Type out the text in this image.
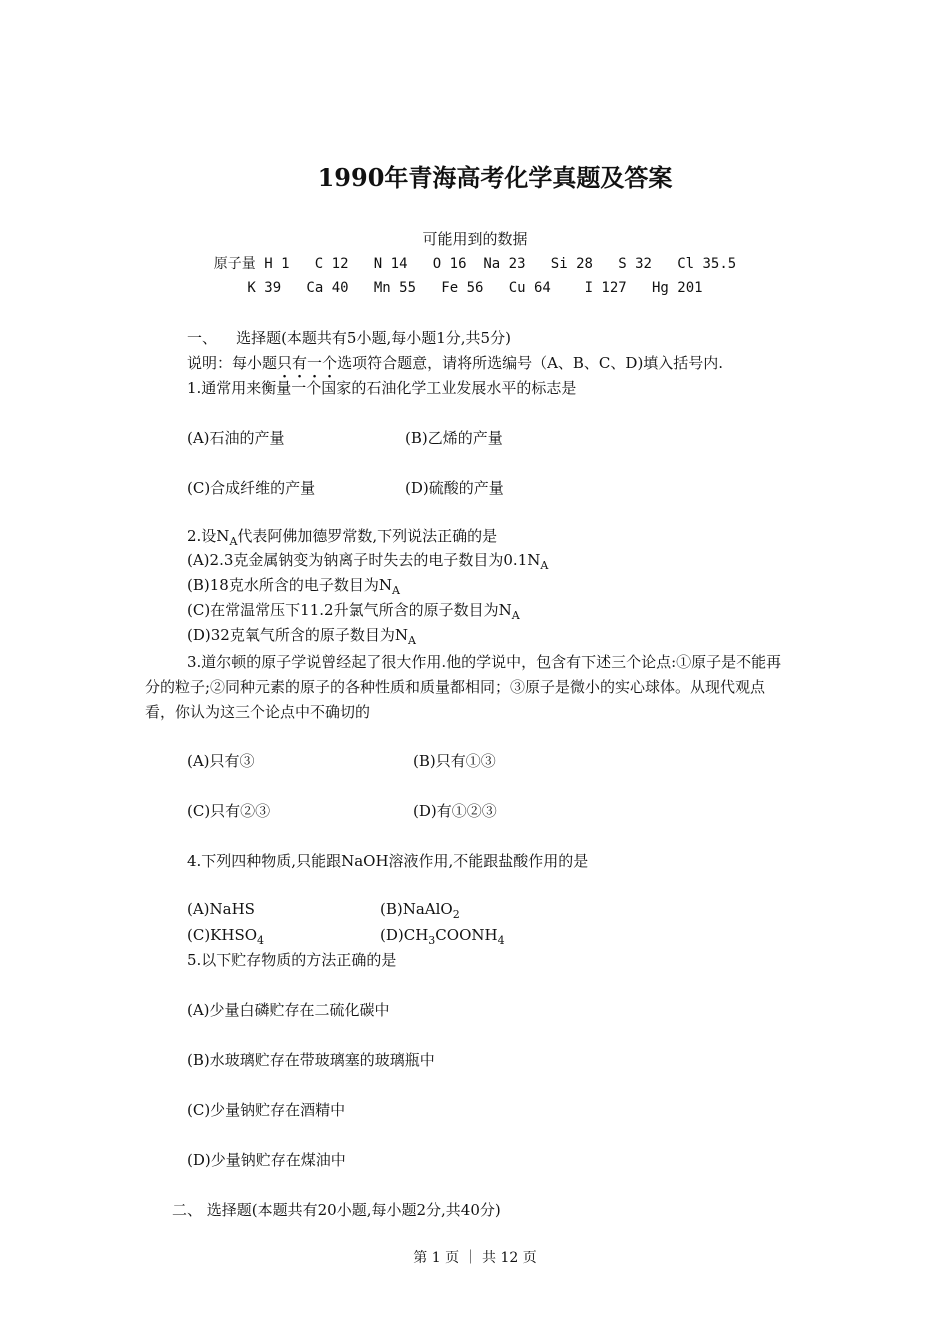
1990年青海高考化学真题及答案
可能用到的数据
原子量 H 1   C 12   N 14   O 16  Na 23   Si 28   S 32   Cl 35.5
K 39   Ca 40   Mn 55   Fe 56   Cu 64    I 127   Hg 201
一、    选择题(本题共有5小题,每小题1分,共5分)
说明：每小题只有一个选项符合题意，请将所选编号（A、B、C、D)填入括号内.
1.通常用来衡量一个国家的石油化学工业发展水平的标志是
(A)石油的产量	(B)乙烯的产量
(C)合成纤维的产量	(D)硫酸的产量
2.设$N_A$代表阿佛加德罗常数,下列说法正确的是
(A)2.3克金属钠变为钠离子时失去的电子数目为$0.1N_A$
(B)18克水所含的电子数目为$N_A$
(C)在常温常压下11.2升氯气所含的原子数目为$N_A$
(D)32克氧气所含的原子数目为$N_A$
3.道尔顿的原子学说曾经起了很大作用.他的学说中，包含有下述三个论点:①原子是不能再分的粒子;②同种元素的原子的各种性质和质量都相同；③原子是微小的实心球体。从现代观点看，你认为这三个论点中不确切的
(A)只有③	(B)只有①③
(C)只有②③	(D)有①②③
4.下列四种物质,只能跟NaOH溶液作用,不能跟盐酸作用的是
(A)NaHS	(B)NaAlO$_2$
$(C)KHSO_4$	$(D)CH_3COONH_4$
5.以下贮存物质的方法正确的是
(A)少量白磷贮存在二硫化碳中
(B)水玻璃贮存在带玻璃塞的玻璃瓶中
(C)少量钠贮存在酒精中
(D)少量钠贮存在煤油中
二、 选择题(本题共有20小题,每小题2分,共40分)
第 1 页 ｜ 共 12 页
